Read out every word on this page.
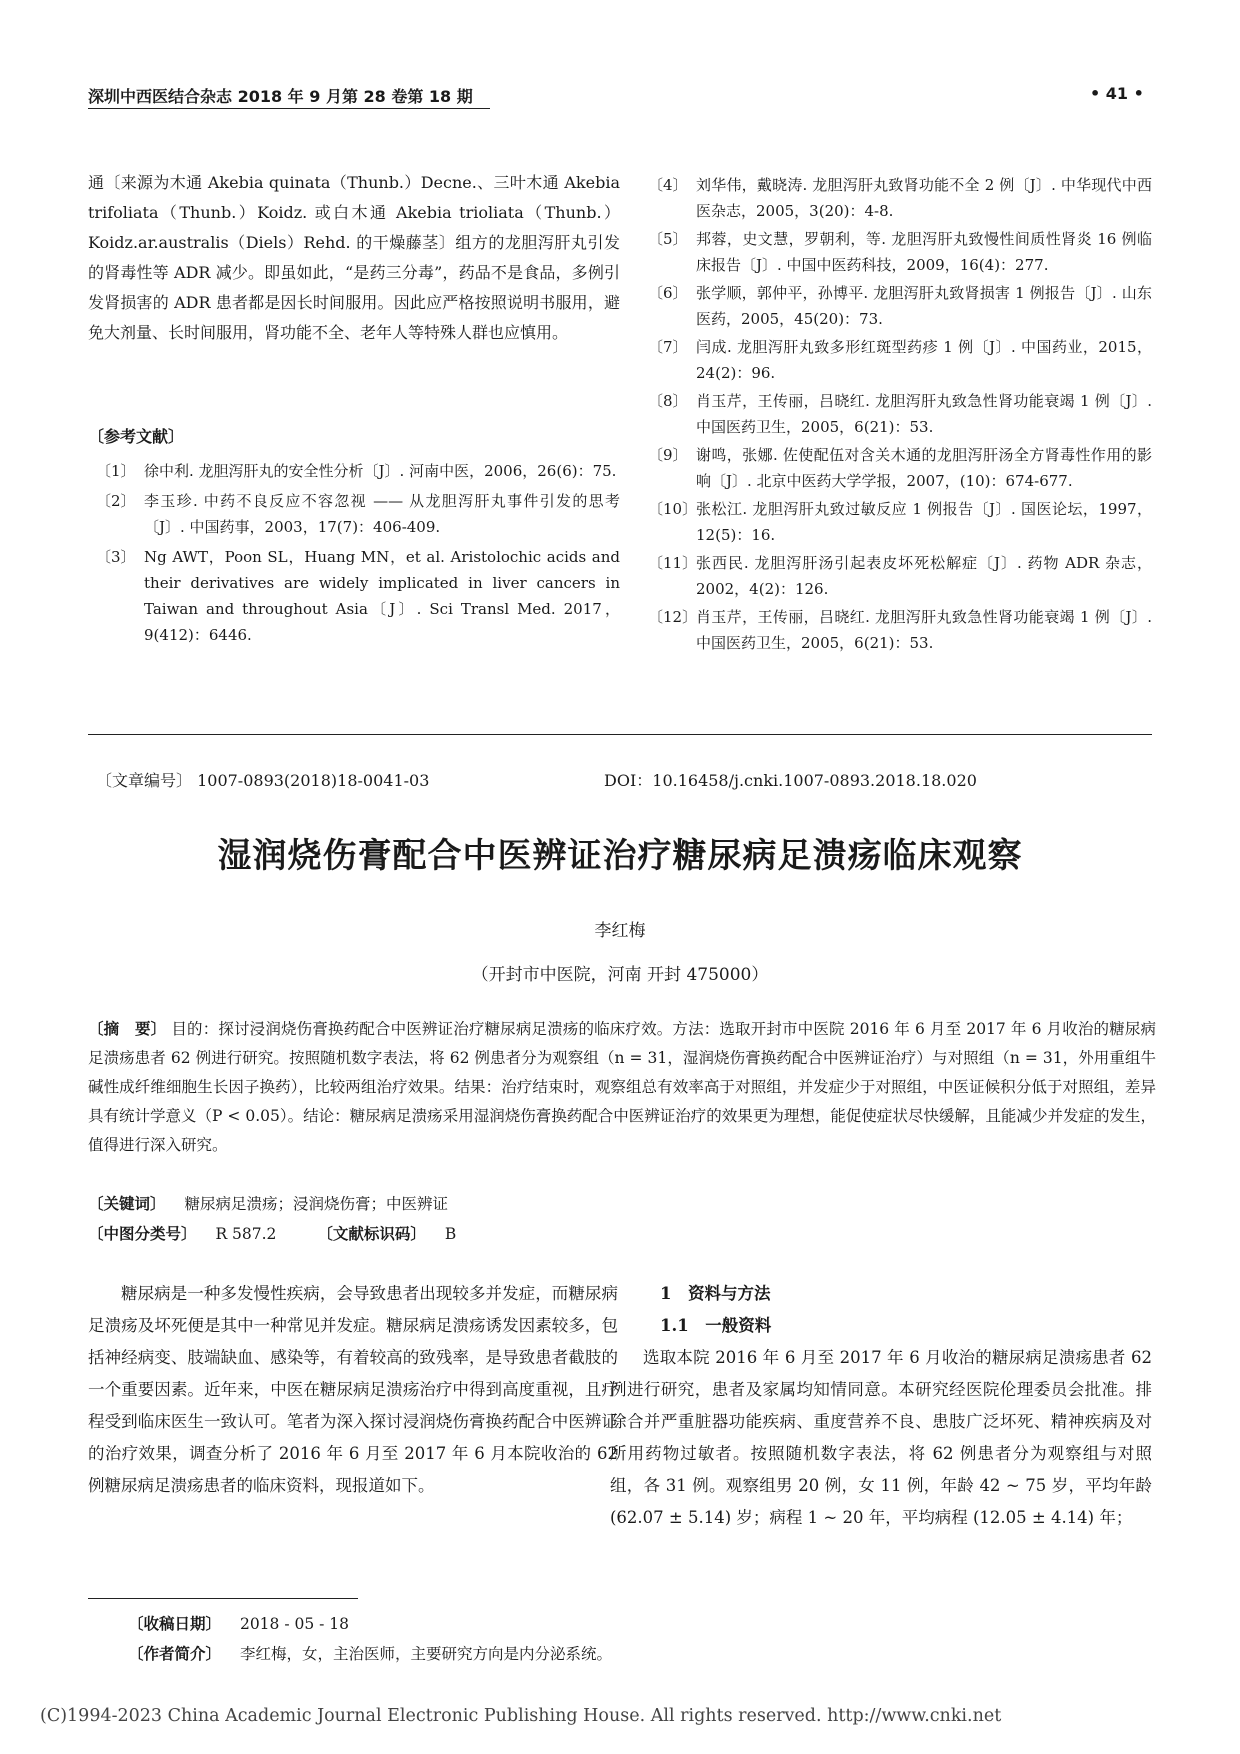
深圳中西医结合杂志 2018 年 9 月第 28 卷第 18 期	• 41 •
通〔来源为木通 Akebia quinata（Thunb.）Decne.、三叶木通 Akebia trifoliata（Thunb.）Koidz. 或白木通 Akebia trioliata（Thunb.）Koidz.ar.australis（Diels）Rehd. 的干燥藤茎〕组方的龙胆泻肝丸引发的肾毒性等 ADR 减少。即虽如此，“是药三分毒”，药品不是食品，多例引发肾损害的 ADR 患者都是因长时间服用。因此应严格按照说明书服用，避免大剂量、长时间服用，肾功能不全、老年人等特殊人群也应慎用。
〔参考文献〕
〔1〕 徐中利. 龙胆泻肝丸的安全性分析〔J〕. 河南中医，2006，26(6)：75.
〔2〕 李玉珍. 中药不良反应不容忽视 —— 从龙胆泻肝丸事件引发的思考〔J〕. 中国药事，2003，17(7)：406-409.
〔3〕 Ng AWT，Poon SL，Huang MN，et al. Aristolochic acids and their derivatives are widely implicated in liver cancers in Taiwan and throughout Asia〔J〕. Sci Transl Med. 2017，9(412)：6446.
〔4〕 刘华伟，戴晓涛. 龙胆泻肝丸致肾功能不全 2 例〔J〕. 中华现代中西医杂志，2005，3(20)：4-8.
〔5〕 邦蓉，史文慧，罗朝利，等. 龙胆泻肝丸致慢性间质性肾炎 16 例临床报告〔J〕. 中国中医药科技，2009，16(4)：277.
〔6〕 张学顺，郭仲平，孙博平. 龙胆泻肝丸致肾损害 1 例报告〔J〕. 山东医药，2005，45(20)：73.
〔7〕 闫成. 龙胆泻肝丸致多形红斑型药疹 1 例〔J〕. 中国药业，2015，24(2)：96.
〔8〕 肖玉芹，王传丽，吕晓红. 龙胆泻肝丸致急性肾功能衰竭 1 例〔J〕. 中国医药卫生，2005，6(21)：53.
〔9〕 谢鸣，张娜. 佐使配伍对含关木通的龙胆泻肝汤全方肾毒性作用的影响〔J〕. 北京中医药大学学报，2007，(10)：674-677.
〔10〕
张松江. 龙胆泻肝丸致过敏反应 1 例报告〔J〕. 国医论坛，1997，12(5)：16.
〔11〕
张西民. 龙胆泻肝汤引起表皮坏死松解症〔J〕. 药物 ADR 杂志，2002，4(2)：126.
〔12〕
肖玉芹，王传丽，吕晓红. 龙胆泻肝丸致急性肾功能衰竭 1 例〔J〕. 中国医药卫生，2005，6(21)：53.
〔文章编号〕 1007-0893(2018)18-0041-03	DOI：10.16458/j.cnki.1007-0893.2018.18.020
湿润烧伤膏配合中医辨证治疗糖尿病足溃疡临床观察
李红梅
（开封市中医院，河南 开封 475000）
〔摘　要〕 目的：探讨浸润烧伤膏换药配合中医辨证治疗糖尿病足溃疡的临床疗效。方法：选取开封市中医院 2016 年 6 月至 2017 年 6 月收治的糖尿病足溃疡患者 62 例进行研究。按照随机数字表法，将 62 例患者分为观察组（n = 31，湿润烧伤膏换药配合中医辨证治疗）与对照组（n = 31，外用重组牛碱性成纤维细胞生长因子换药），比较两组治疗效果。结果：治疗结束时，观察组总有效率高于对照组，并发症少于对照组，中医证候积分低于对照组，差异具有统计学意义（P < 0.05）。结论：糖尿病足溃疡采用湿润烧伤膏换药配合中医辨证治疗的效果更为理想，能促使症状尽快缓解，且能减少并发症的发生，值得进行深入研究。
〔关键词〕 糖尿病足溃疡；浸润烧伤膏；中医辨证
〔中图分类号〕 R 587.2	〔文献标识码〕 B
糖尿病是一种多发慢性疾病，会导致患者出现较多并发症，而糖尿病足溃疡及坏死便是其中一种常见并发症。糖尿病足溃疡诱发因素较多，包括神经病变、肢端缺血、感染等，有着较高的致残率，是导致患者截肢的一个重要因素。近年来，中医在糖尿病足溃疡治疗中得到高度重视，且疗程受到临床医生一致认可。笔者为深入探讨浸润烧伤膏换药配合中医辨证的治疗效果，调查分析了 2016 年 6 月至 2017 年 6 月本院收治的 62 例糖尿病足溃疡患者的临床资料，现报道如下。
1　资料与方法
1.1　一般资料
选取本院 2016 年 6 月至 2017 年 6 月收治的糖尿病足溃疡患者 62 例进行研究，患者及家属均知情同意。本研究经医院伦理委员会批准。排除合并严重脏器功能疾病、重度营养不良、患肢广泛坏死、精神疾病及对所用药物过敏者。按照随机数字表法，将 62 例患者分为观察组与对照组，各 31 例。观察组男 20 例，女 11 例，年龄 42 ~ 75 岁，平均年龄 (62.07 ± 5.14) 岁；病程 1 ~ 20 年，平均病程 (12.05 ± 4.14) 年；
〔收稿日期〕 2018 - 05 - 18
〔作者简介〕 李红梅，女，主治医师，主要研究方向是内分泌系统。
(C)1994-2023 China Academic Journal Electronic Publishing House. All rights reserved. http://www.cnki.net
